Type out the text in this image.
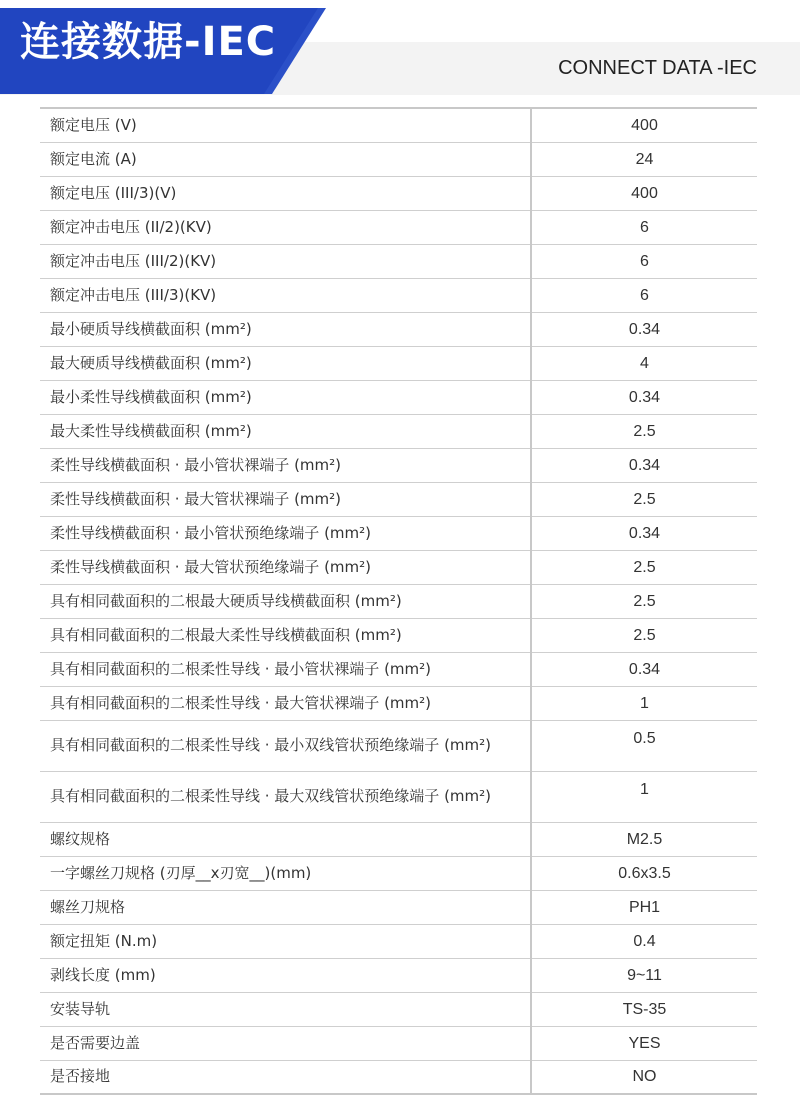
连接数据-IEC
CONNECT DATA -IEC
额定电压 (V)	400
额定电流 (A)	24
额定电压 (III/3)(V)	400
额定冲击电压 (II/2)(KV)	6
额定冲击电压 (III/2)(KV)	6
额定冲击电压 (III/3)(KV)	6
最小硬质导线横截面积 (mm²)	0.34
最大硬质导线横截面积 (mm²)	4
最小柔性导线横截面积 (mm²)	0.34
最大柔性导线横截面积 (mm²)	2.5
柔性导线横截面积 · 最小管状裸端子 (mm²)	0.34
柔性导线横截面积 · 最大管状裸端子 (mm²)	2.5
柔性导线横截面积 · 最小管状预绝缘端子 (mm²)	0.34
柔性导线横截面积 · 最大管状预绝缘端子 (mm²)	2.5
具有相同截面积的二根最大硬质导线横截面积 (mm²)	2.5
具有相同截面积的二根最大柔性导线横截面积 (mm²)	2.5
具有相同截面积的二根柔性导线 · 最小管状裸端子 (mm²)	0.34
具有相同截面积的二根柔性导线 · 最大管状裸端子 (mm²)	1
具有相同截面积的二根柔性导线 · 最小双线管状预绝缘端子 (mm²)	0.5
具有相同截面积的二根柔性导线 · 最大双线管状预绝缘端子 (mm²)	1
螺纹规格	M2.5
一字螺丝刀规格 (刃厚__x刃宽__)(mm)	0.6x3.5
螺丝刀规格	PH1
额定扭矩 (N.m)	0.4
剥线长度 (mm)	9~11
安装导轨	TS-35
是否需要边盖	YES
是否接地	NO
